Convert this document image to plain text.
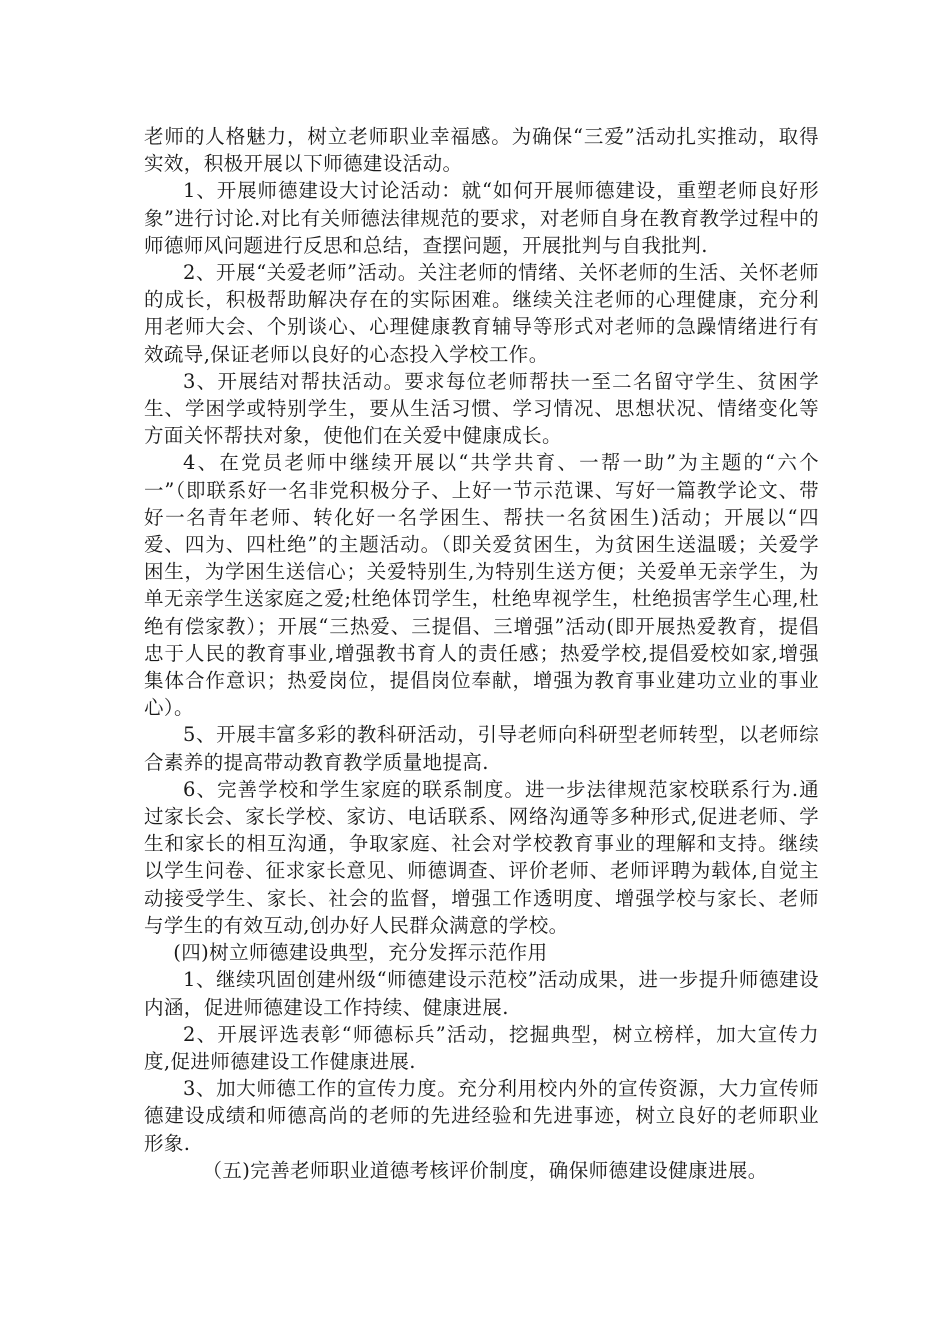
老师的人格魅力，树立老师职业幸福感。为确保“三爱”活动扎实推动，取得实效，积极开展以下师德建设活动。

1、开展师德建设大讨论活动：就“如何开展师德建设，重塑老师良好形象”进行讨论.对比有关师德法律规范的要求，对老师自身在教育教学过程中的师德师风问题进行反思和总结，查摆问题，开展批判与自我批判.

2、开展“关爱老师”活动。关注老师的情绪、关怀老师的生活、关怀老师的成长，积极帮助解决存在的实际困难。继续关注老师的心理健康，充分利用老师大会、个别谈心、心理健康教育辅导等形式对老师的急躁情绪进行有效疏导,保证老师以良好的心态投入学校工作。

3、开展结对帮扶活动。要求每位老师帮扶一至二名留守学生、贫困学生、学困学或特别学生，要从生活习惯、学习情况、思想状况、情绪变化等方面关怀帮扶对象，使他们在关爱中健康成长。

4、在党员老师中继续开展以“共学共育、一帮一助”为主题的“六个一”（即联系好一名非党积极分子、上好一节示范课、写好一篇教学论文、带好一名青年老师、转化好一名学困生、帮扶一名贫困生)活动；开展以“四爱、四为、四杜绝”的主题活动。（即关爱贫困生，为贫困生送温暖；关爱学困生，为学困生送信心；关爱特别生,为特别生送方便；关爱单无亲学生，为单无亲学生送家庭之爱;杜绝体罚学生，杜绝卑视学生，杜绝损害学生心理,杜绝有偿家教）；开展“三热爱、三提倡、三增强”活动(即开展热爱教育，提倡忠于人民的教育事业,增强教书育人的责任感；热爱学校,提倡爱校如家,增强集体合作意识；热爱岗位，提倡岗位奉献，增强为教育事业建功立业的事业心）。

5、开展丰富多彩的教科研活动，引导老师向科研型老师转型，以老师综合素养的提高带动教育教学质量地提高.

6、完善学校和学生家庭的联系制度。进一步法律规范家校联系行为.通过家长会、家长学校、家访、电话联系、网络沟通等多种形式,促进老师、学生和家长的相互沟通，争取家庭、社会对学校教育事业的理解和支持。继续以学生问卷、征求家长意见、师德调查、评价老师、老师评聘为载体,自觉主动接受学生、家长、社会的监督，增强工作透明度、增强学校与家长、老师与学生的有效互动,创办好人民群众满意的学校。

(四)树立师德建设典型，充分发挥示范作用

1、继续巩固创建州级“师德建设示范校”活动成果，进一步提升师德建设内涵，促进师德建设工作持续、健康进展.

2、开展评选表彰“师德标兵”活动，挖掘典型，树立榜样，加大宣传力度,促进师德建设工作健康进展.

3、加大师德工作的宣传力度。充分利用校内外的宣传资源，大力宣传师德建设成绩和师德高尚的老师的先进经验和先进事迹，树立良好的老师职业形象.

（五)完善老师职业道德考核评价制度，确保师德建设健康进展。
